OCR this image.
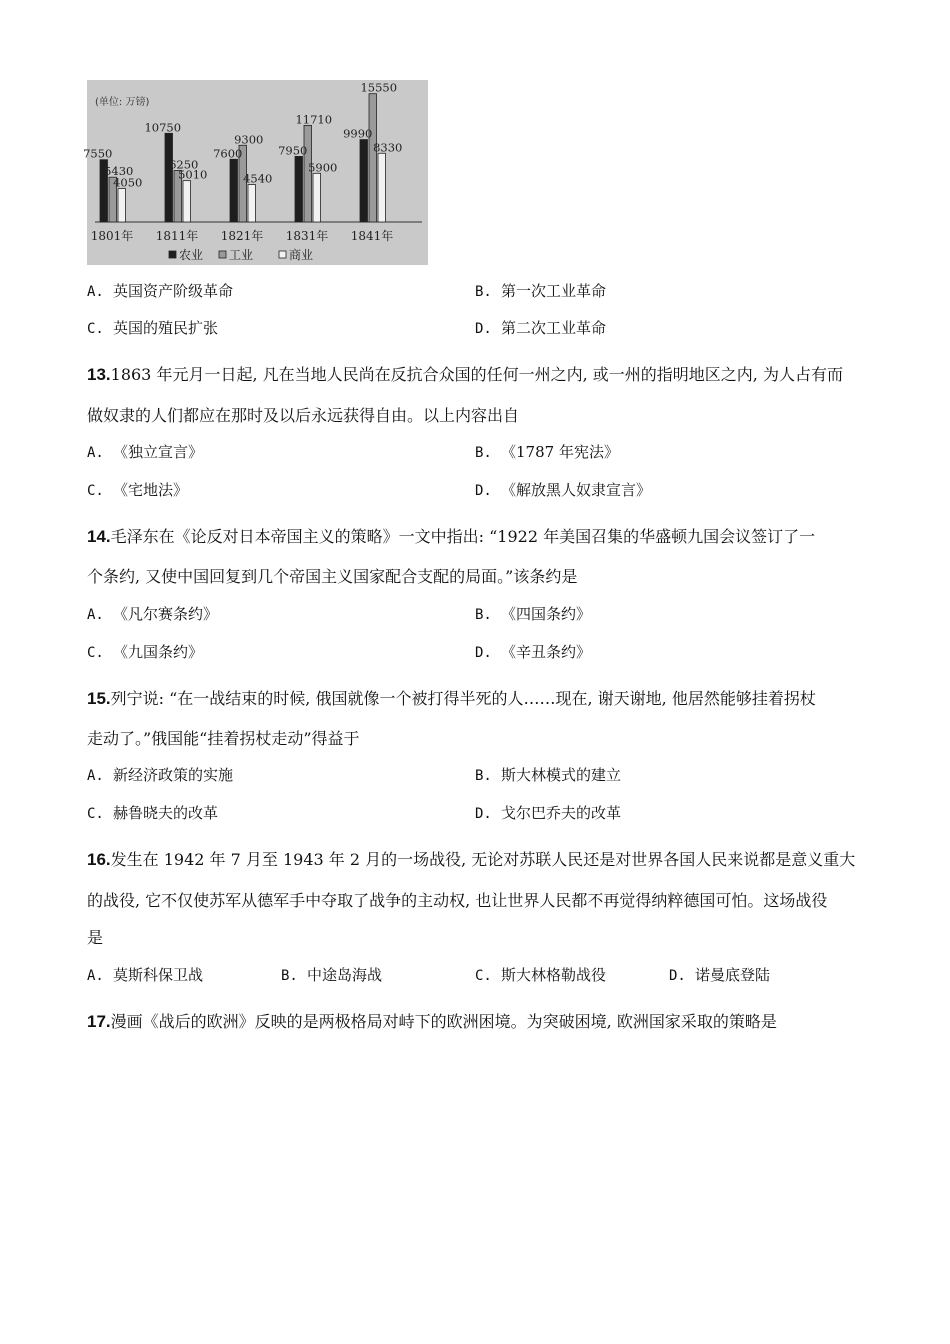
(单位: 万镑)
7550
5430
4050
10750
6250
5010
7600
9300
4540
7950
11710
5900
9990
15550
8330
1801年 1811年 1821年 1831年 1841年
农业 工业	商业
A. 英国资产阶级革命	B. 第一次工业革命
C. 英国的殖民扩张	D. 第二次工业革命
13.1863 年元月一日起, 凡在当地人民尚在反抗合众国的任何一州之内, 或一州的指明地区之内, 为人占有而
做奴隶的人们都应在那时及以后永远获得自由。以上内容出自
A. 《独立宣言》	B. 《1787 年宪法》
C. 《宅地法》	D. 《解放黑人奴隶宣言》
14.毛泽东在《论反对日本帝国主义的策略》一文中指出: “1922 年美国召集的华盛顿九国会议签订了一
个条约, 又使中国回复到几个帝国主义国家配合支配的局面。”该条约是
A. 《凡尔赛条约》	B. 《四国条约》
C. 《九国条约》	D. 《辛丑条约》
15.列宁说: “在一战结束的时候, 俄国就像一个被打得半死的人……现在, 谢天谢地, 他居然能够挂着拐杖
走动了。”俄国能“挂着拐杖走动”得益于
A. 新经济政策的实施	B. 斯大林模式的建立
C. 赫鲁晓夫的改革	D. 戈尔巴乔夫的改革
16.发生在 1942 年 7 月至 1943 年 2 月的一场战役, 无论对苏联人民还是对世界各国人民来说都是意义重大
的战役, 它不仅使苏军从德军手中夺取了战争的主动权, 也让世界人民都不再觉得纳粹德国可怕。这场战役
是
A. 莫斯科保卫战	B. 中途岛海战	C. 斯大林格勒战役	D. 诺曼底登陆
17.漫画《战后的欧洲》反映的是两极格局对峙下的欧洲困境。为突破困境, 欧洲国家采取的策略是
